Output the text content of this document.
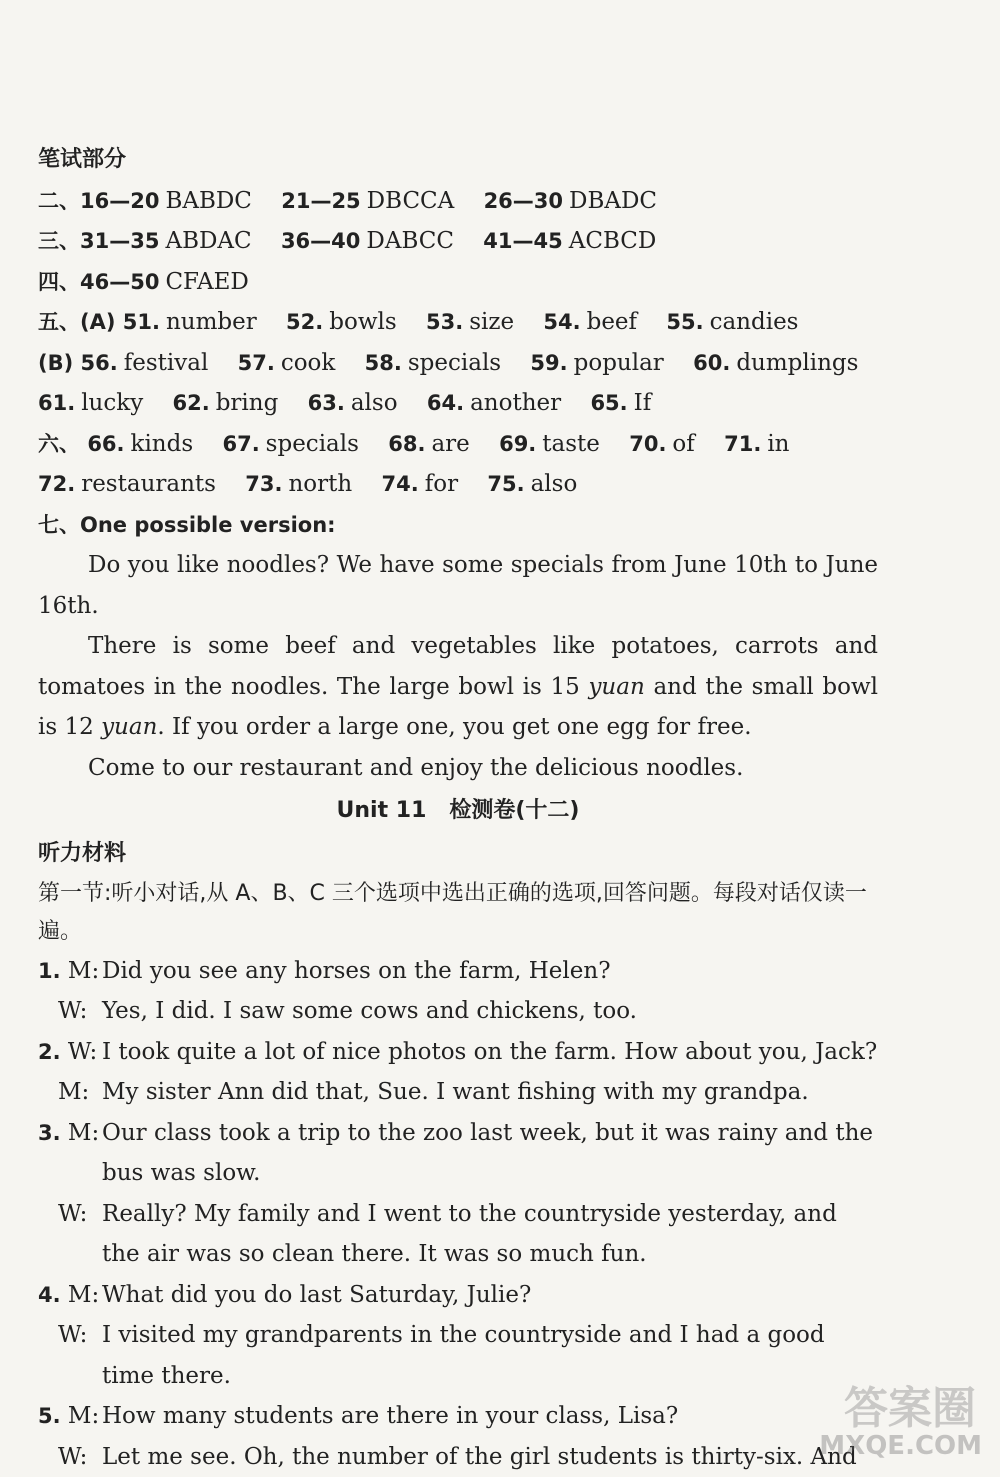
笔试部分
二、16—20 BABDC 21—25 DBCCA 26—30 DBADC
三、31—35 ABDAC 36—40 DABCC 41—45 ACBCD
四、46—50 CFAED
五、(A) 51. number 52. bowls 53. size 54. beef 55. candies
(B) 56. festival 57. cook 58. specials 59. popular 60. dumplings
61. lucky 62. bring 63. also 64. another 65. If
六、 66. kinds 67. specials 68. are 69. taste 70. of 71. in
72. restaurants 73. north 74. for 75. also
七、One possible version:
Do you like noodles? We have some specials from June 10th to June 16th.
There is some beef and vegetables like potatoes, carrots and tomatoes in the noodles. The large bowl is 15 yuan and the small bowl is 12 yuan. If you order a large one, you get one egg for free.
Come to our restaurant and enjoy the delicious noodles.
Unit 11 检测卷(十二)
听力材料
第一节:听小对话,从 A、B、C 三个选项中选出正确的选项,回答问题。每段对话仅读一遍。
1. M: Did you see any horses on the farm, Helen?
W: Yes, I did. I saw some cows and chickens, too.
2. W: I took quite a lot of nice photos on the farm. How about you, Jack?
M: My sister Ann did that, Sue. I want fishing with my grandpa.
3. M: Our class took a trip to the zoo last week, but it was rainy and the bus was slow.
W: Really? My family and I went to the countryside yesterday, and the air was so clean there. It was so much fun.
4. M: What did you do last Saturday, Julie?
W: I visited my grandparents in the countryside and I had a good time there.
5. M: How many students are there in your class, Lisa?
W: Let me see. Oh, the number of the girl students is thirty-six. And
答案圈
MXQE.COM
